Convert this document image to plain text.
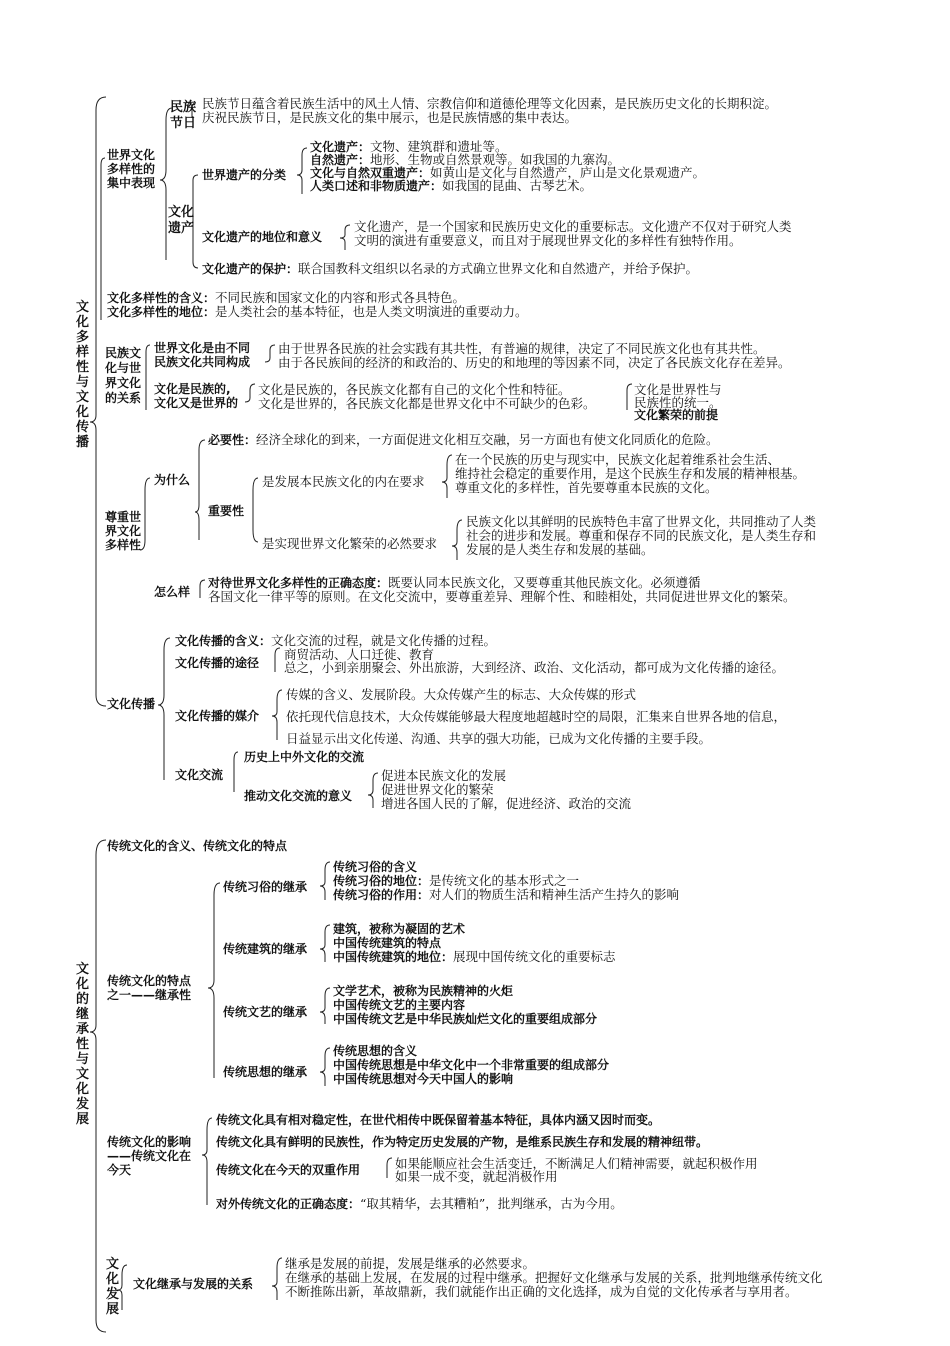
文化多样性与文化传播
世界文化多样性的集中表现
民族节日
民族节日蕴含着民族生活中的风土人情、宗教信仰和道德伦理等文化因素，是民族历史文化的长期积淀。
庆祝民族节日，是民族文化的集中展示，也是民族情感的集中表达。
文化遗产
世界遗产的分类
文化遗产：文物、建筑群和遗址等。
自然遗产：地形、生物或自然景观等。如我国的九寨沟。
文化与自然双重遗产：如黄山是文化与自然遗产，庐山是文化景观遗产。
人类口述和非物质遗产：如我国的昆曲、古琴艺术。
文化遗产的地位和意义
文化遗产，是一个国家和民族历史文化的重要标志。文化遗产不仅对于研究人类
文明的演进有重要意义，而且对于展现世界文化的多样性有独特作用。
文化遗产的保护：联合国教科文组织以名录的方式确立世界文化和自然遗产，并给予保护。
文化多样性的含义：不同民族和国家文化的内容和形式各具特色。
文化多样性的地位：是人类社会的基本特征，也是人类文明演进的重要动力。
民族文化与世界文化的关系
世界文化是由不同
民族文化共同构成
由于世界各民族的社会实践有其共性，有普遍的规律，决定了不同民族文化也有其共性。
由于各民族间的经济的和政治的、历史的和地理的等因素不同，决定了各民族文化存在差异。
文化是民族的,
文化又是世界的
文化是民族的，各民族文化都有自己的文化个性和特征。
文化是世界的，各民族文化都是世界文化中不可缺少的色彩。
文化是世界性与
民族性的统一。
文化繁荣的前提
尊重世界文化多样性
为什么
必要性：经济全球化的到来，一方面促进文化相互交融，另一方面也有使文化同质化的危险。
重要性
是发展本民族文化的内在要求
在一个民族的历史与现实中，民族文化起着维系社会生活、
维持社会稳定的重要作用，是这个民族生存和发展的精神根基。
尊重文化的多样性，首先要尊重本民族的文化。
是实现世界文化繁荣的必然要求
民族文化以其鲜明的民族特色丰富了世界文化，共同推动了人类
社会的进步和发展。尊重和保存不同的民族文化，是人类生存和
发展的是人类生存和发展的基础。
怎么样
对待世界文化多样性的正确态度：既要认同本民族文化，又要尊重其他民族文化。必须遵循
各国文化一律平等的原则。在文化交流中，要尊重差异、理解个性、和睦相处，共同促进世界文化的繁荣。
文化传播
文化传播的含义：文化交流的过程，就是文化传播的过程。
文化传播的途径
商贸活动、人口迁徙、教育
总之，小到亲朋聚会、外出旅游，大到经济、政治、文化活动，都可成为文化传播的途径。
文化传播的媒介
传媒的含义、发展阶段。大众传媒产生的标志、大众传媒的形式
依托现代信息技术，大众传媒能够最大程度地超越时空的局限，汇集来自世界各地的信息，
日益显示出文化传递、沟通、共享的强大功能，已成为文化传播的主要手段。
文化交流
历史上中外文化的交流
推动文化交流的意义
促进本民族文化的发展
促进世界文化的繁荣
增进各国人民的了解，促进经济、政治的交流
文化的继承性与文化发展
传统文化的含义、传统文化的特点
传统文化的特点
之一——继承性
传统习俗的继承
传统习俗的含义
传统习俗的地位：是传统文化的基本形式之一
传统习俗的作用：对人们的物质生活和精神生活产生持久的影响
传统建筑的继承
建筑，被称为凝固的艺术
中国传统建筑的特点
中国传统建筑的地位：展现中国传统文化的重要标志
传统文艺的继承
文学艺术，被称为民族精神的火炬
中国传统文艺的主要内容
中国传统文艺是中华民族灿烂文化的重要组成部分
传统思想的继承
传统思想的含义
中国传统思想是中华文化中一个非常重要的组成部分
中国传统思想对今天中国人的影响
传统文化的影响
——传统文化在
今天
传统文化具有相对稳定性，在世代相传中既保留着基本特征，具体内涵又因时而变。
传统文化具有鲜明的民族性，作为特定历史发展的产物，是维系民族生存和发展的精神纽带。
传统文化在今天的双重作用	如果能顺应社会生活变迁，不断满足人们精神需要，就起积极作用
如果一成不变，就起消极作用
对外传统文化的正确态度：“取其精华，去其糟粕”，批判继承，古为今用。
文化发展
文化继承与发展的关系
继承是发展的前提，发展是继承的必然要求。
在继承的基础上发展，在发展的过程中继承。把握好文化继承与发展的关系，批判地继承传统文化
不断推陈出新，革故鼎新，我们就能作出正确的文化选择，成为自觉的文化传承者与享用者。
